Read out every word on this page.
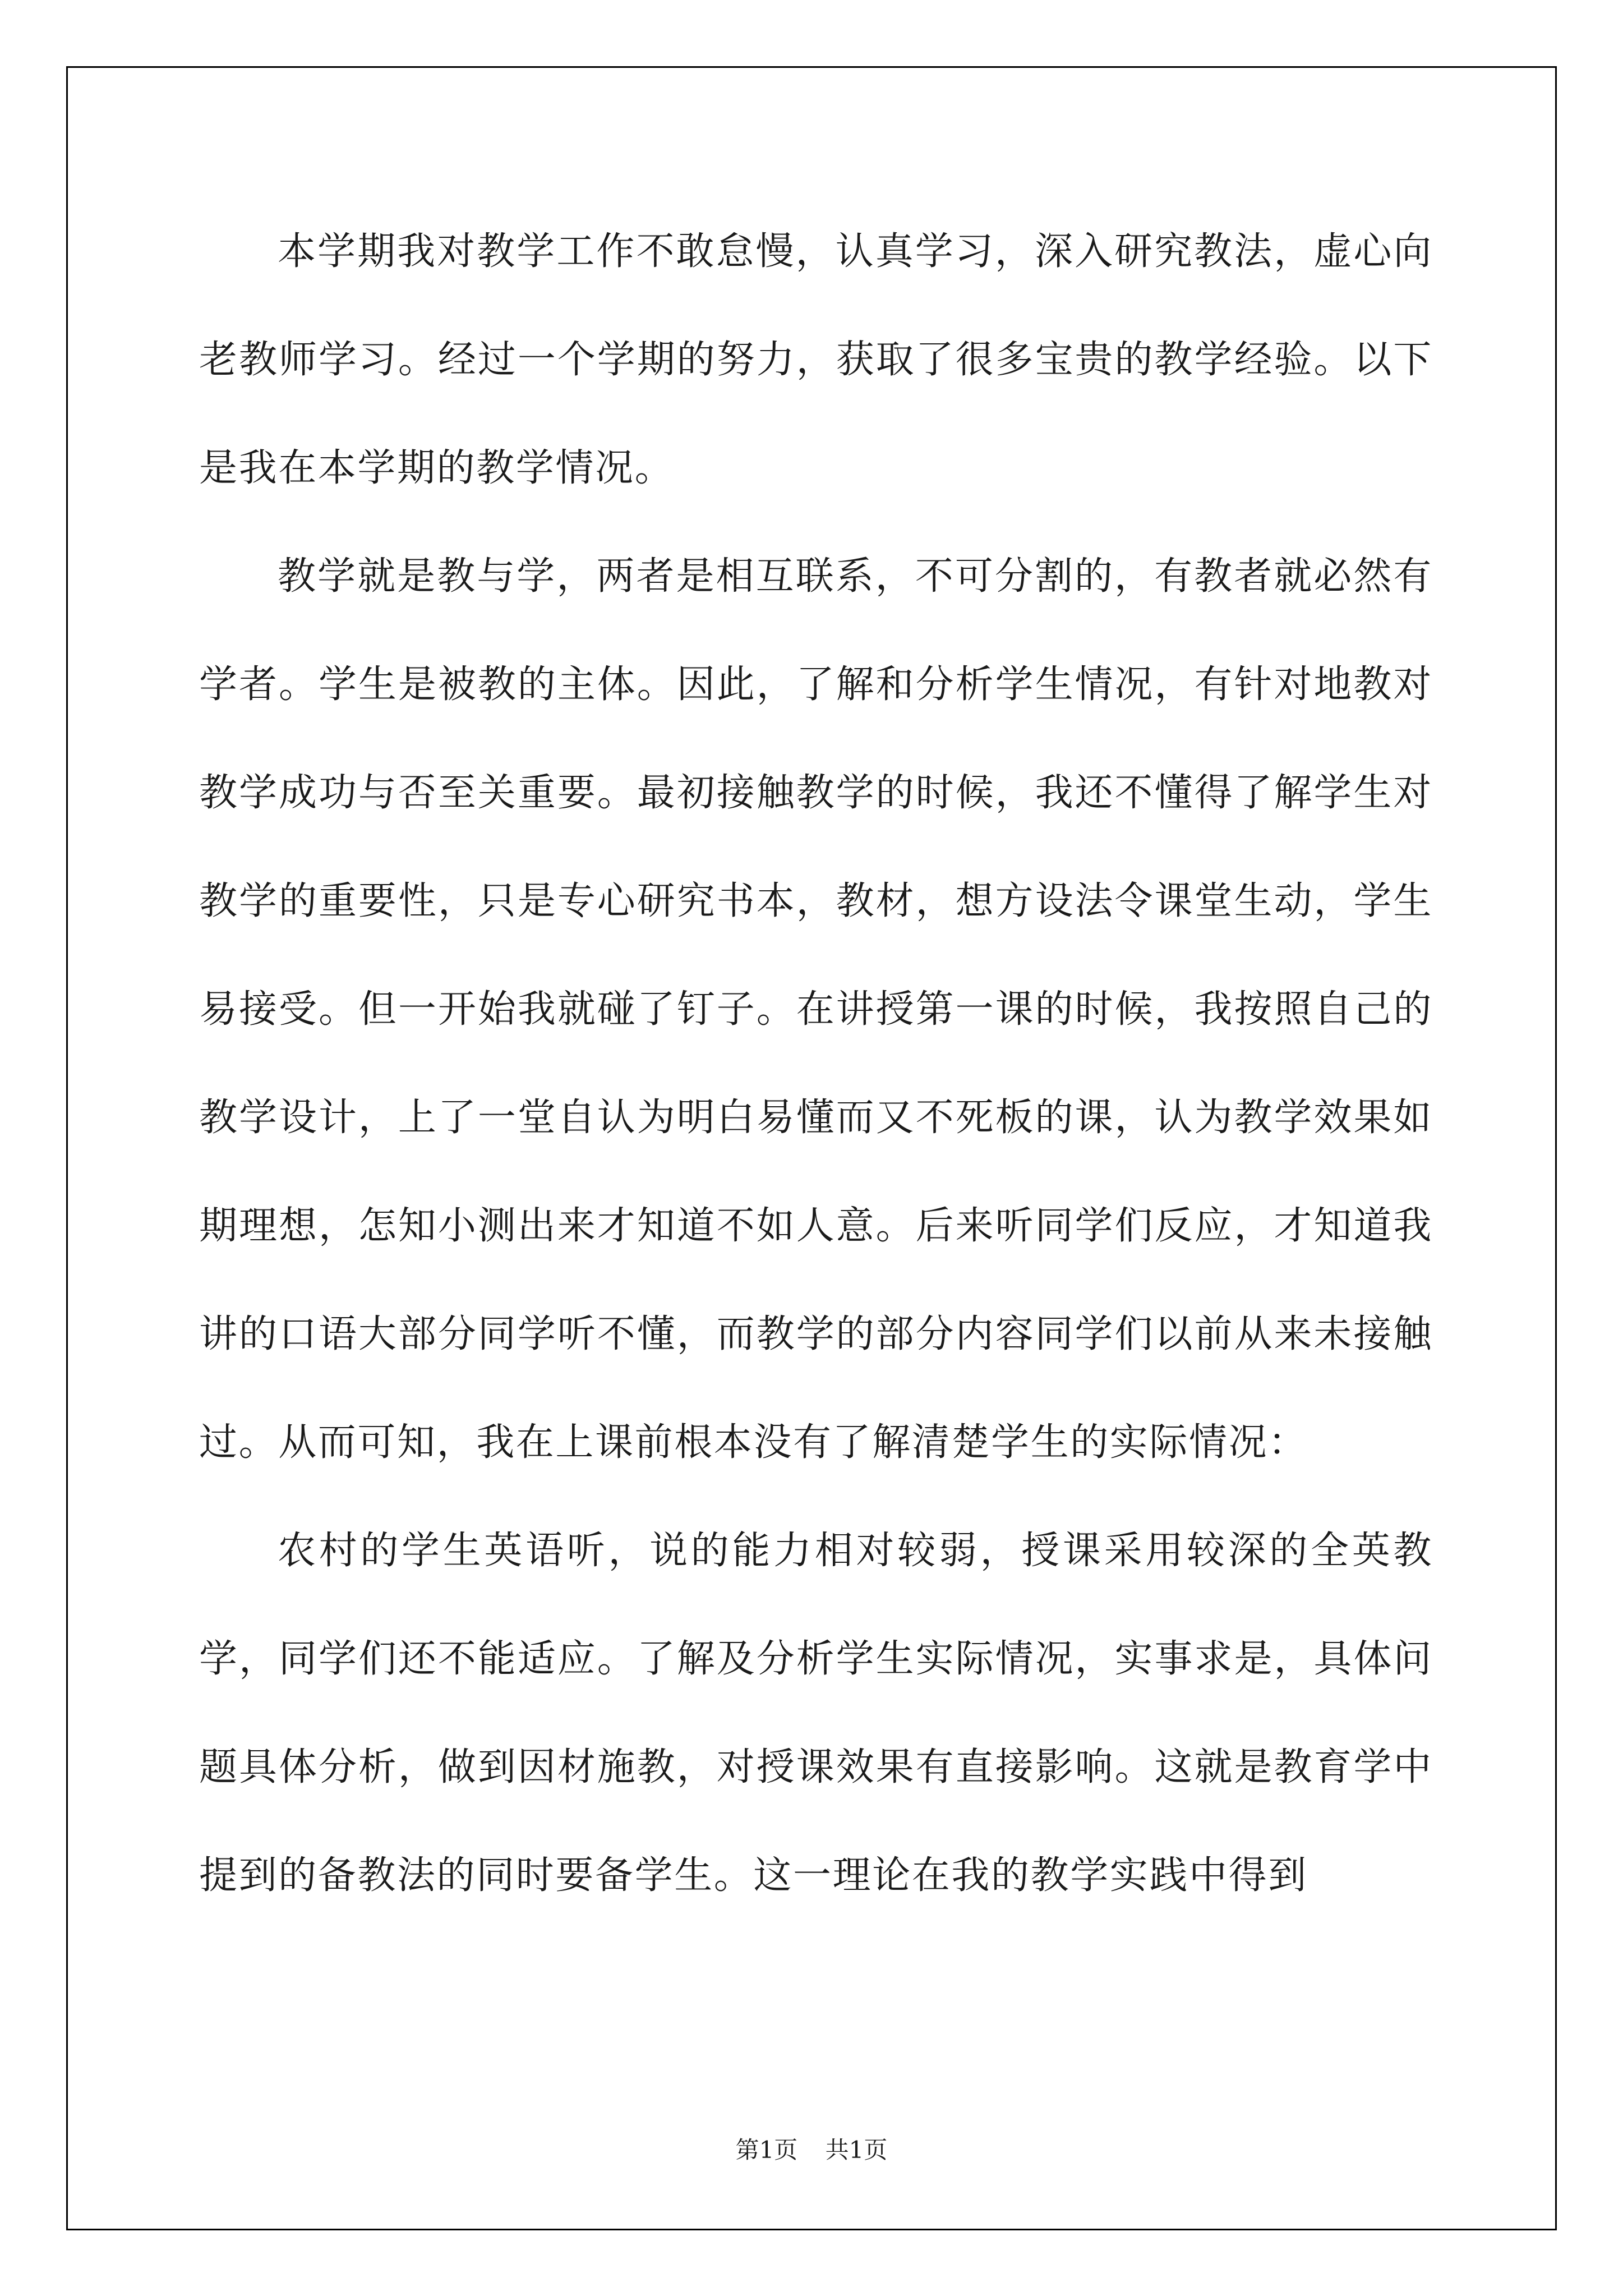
本学期我对教学工作不敢怠慢，认真学习，深入研究教法，虚心向老教师学习。经过一个学期的努力，获取了很多宝贵的教学经验。以下是我在本学期的教学情况。

教学就是教与学，两者是相互联系，不可分割的，有教者就必然有学者。学生是被教的主体。因此，了解和分析学生情况，有针对地教对教学成功与否至关重要。最初接触教学的时候，我还不懂得了解学生对教学的重要性，只是专心研究书本，教材，想方设法令课堂生动，学生易接受。但一开始我就碰了钉子。在讲授第一课的时候，我按照自己的教学设计，上了一堂自认为明白易懂而又不死板的课，认为教学效果如期理想，怎知小测出来才知道不如人意。后来听同学们反应，才知道我讲的口语大部分同学听不懂，而教学的部分内容同学们以前从来未接触过。从而可知，我在上课前根本没有了解清楚学生的实际情况：

农村的学生英语听，说的能力相对较弱，授课采用较深的全英教学，同学们还不能适应。了解及分析学生实际情况，实事求是，具体问题具体分析，做到因材施教，对授课效果有直接影响。这就是教育学中提到的备教法的同时要备学生。这一理论在我的教学实践中得到

第1页 共1页
